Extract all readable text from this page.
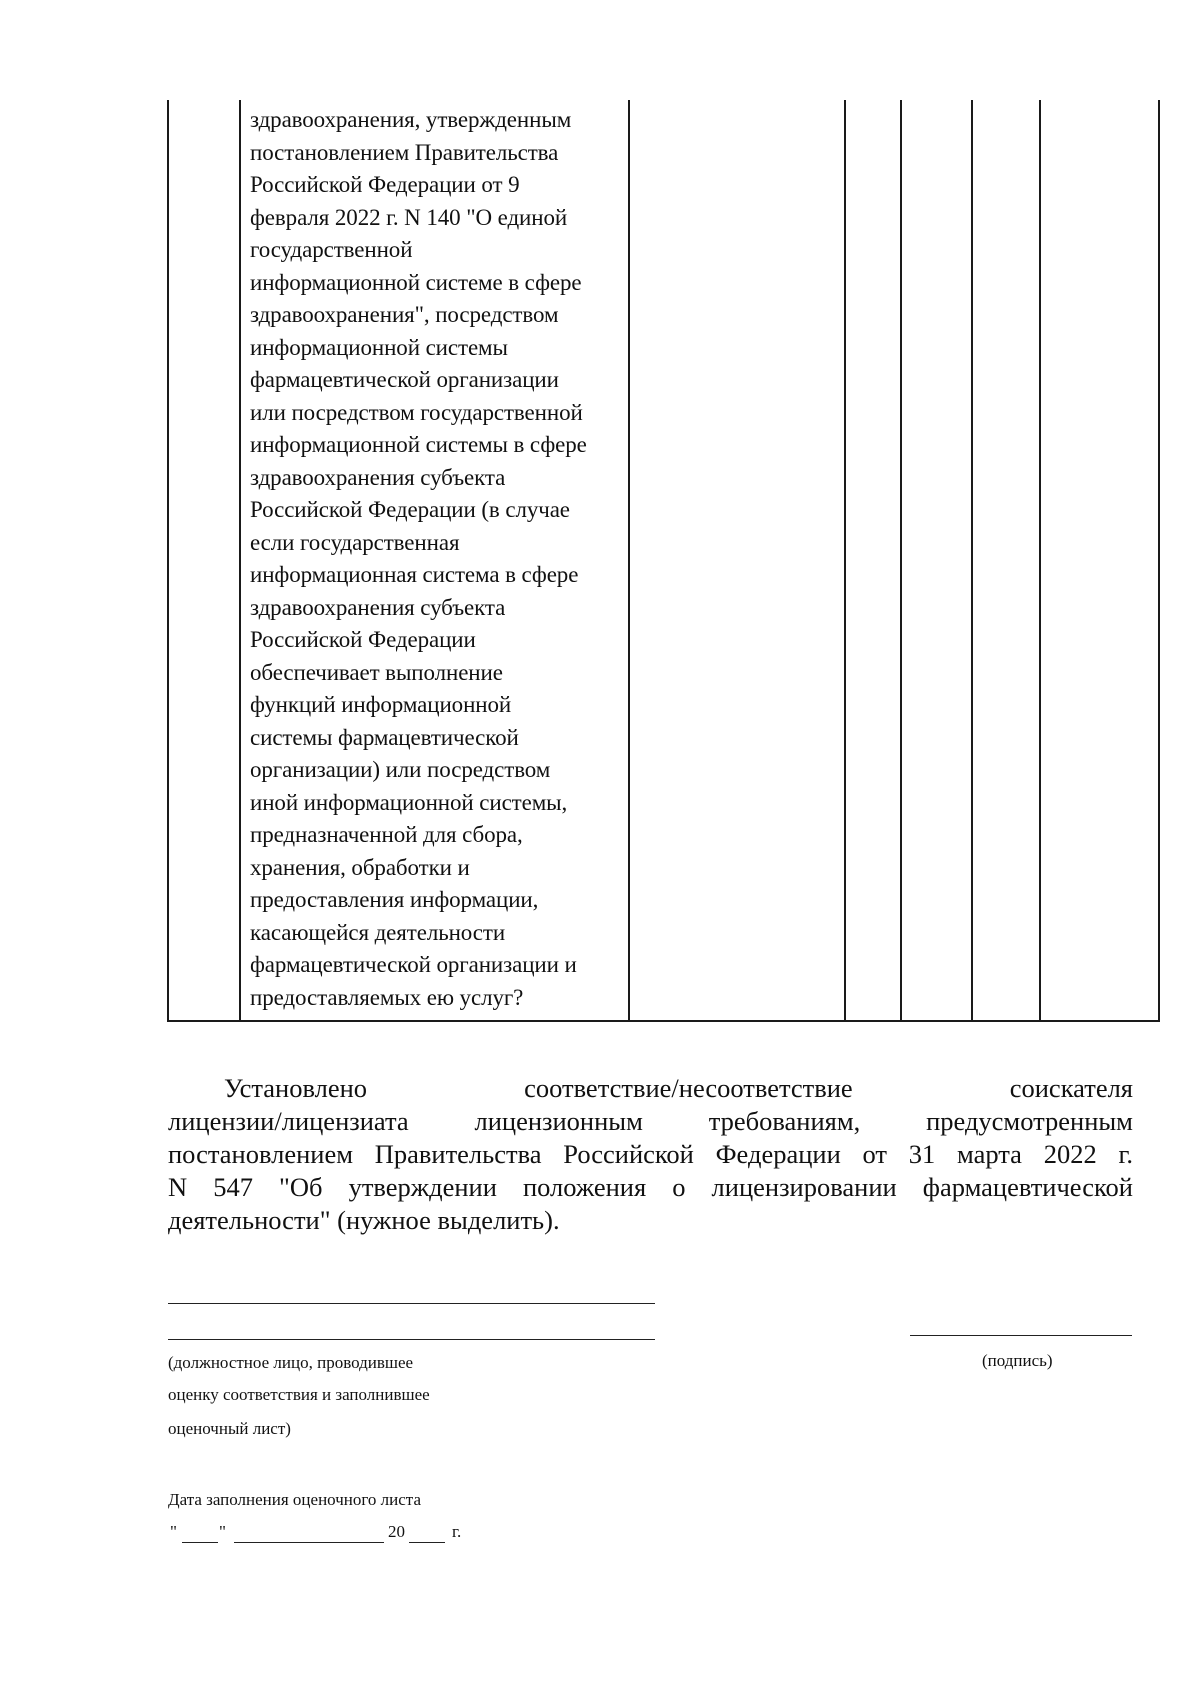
здравоохранения, утвержденным
постановлением Правительства
Российской Федерации от 9
февраля 2022 г. N 140 "О единой
государственной
информационной системе в сфере
здравоохранения", посредством
информационной системы
фармацевтической организации
или посредством государственной
информационной системы в сфере
здравоохранения субъекта
Российской Федерации (в случае
если государственная
информационная система в сфере
здравоохранения субъекта
Российской Федерации
обеспечивает выполнение
функций информационной
системы фармацевтической
организации) или посредством
иной информационной системы,
предназначенной для сбора,
хранения, обработки и
предоставления информации,
касающейся деятельности
фармацевтической организации и
предоставляемых ею услуг?
Установлено	соответствие/несоответствие	соискателя
лицензии/лицензиата лицензионным требованиям, предусмотренным
постановлением Правительства Российской Федерации от 31 марта 2022 г.
N 547 "Об утверждении положения о лицензировании фармацевтической
деятельности" (нужное выделить).
(должностное лицо, проводившее
оценку соответствия и заполнившее
оценочный лист)
(подпись)
Дата заполнения оценочного листа
" "	20	г.
